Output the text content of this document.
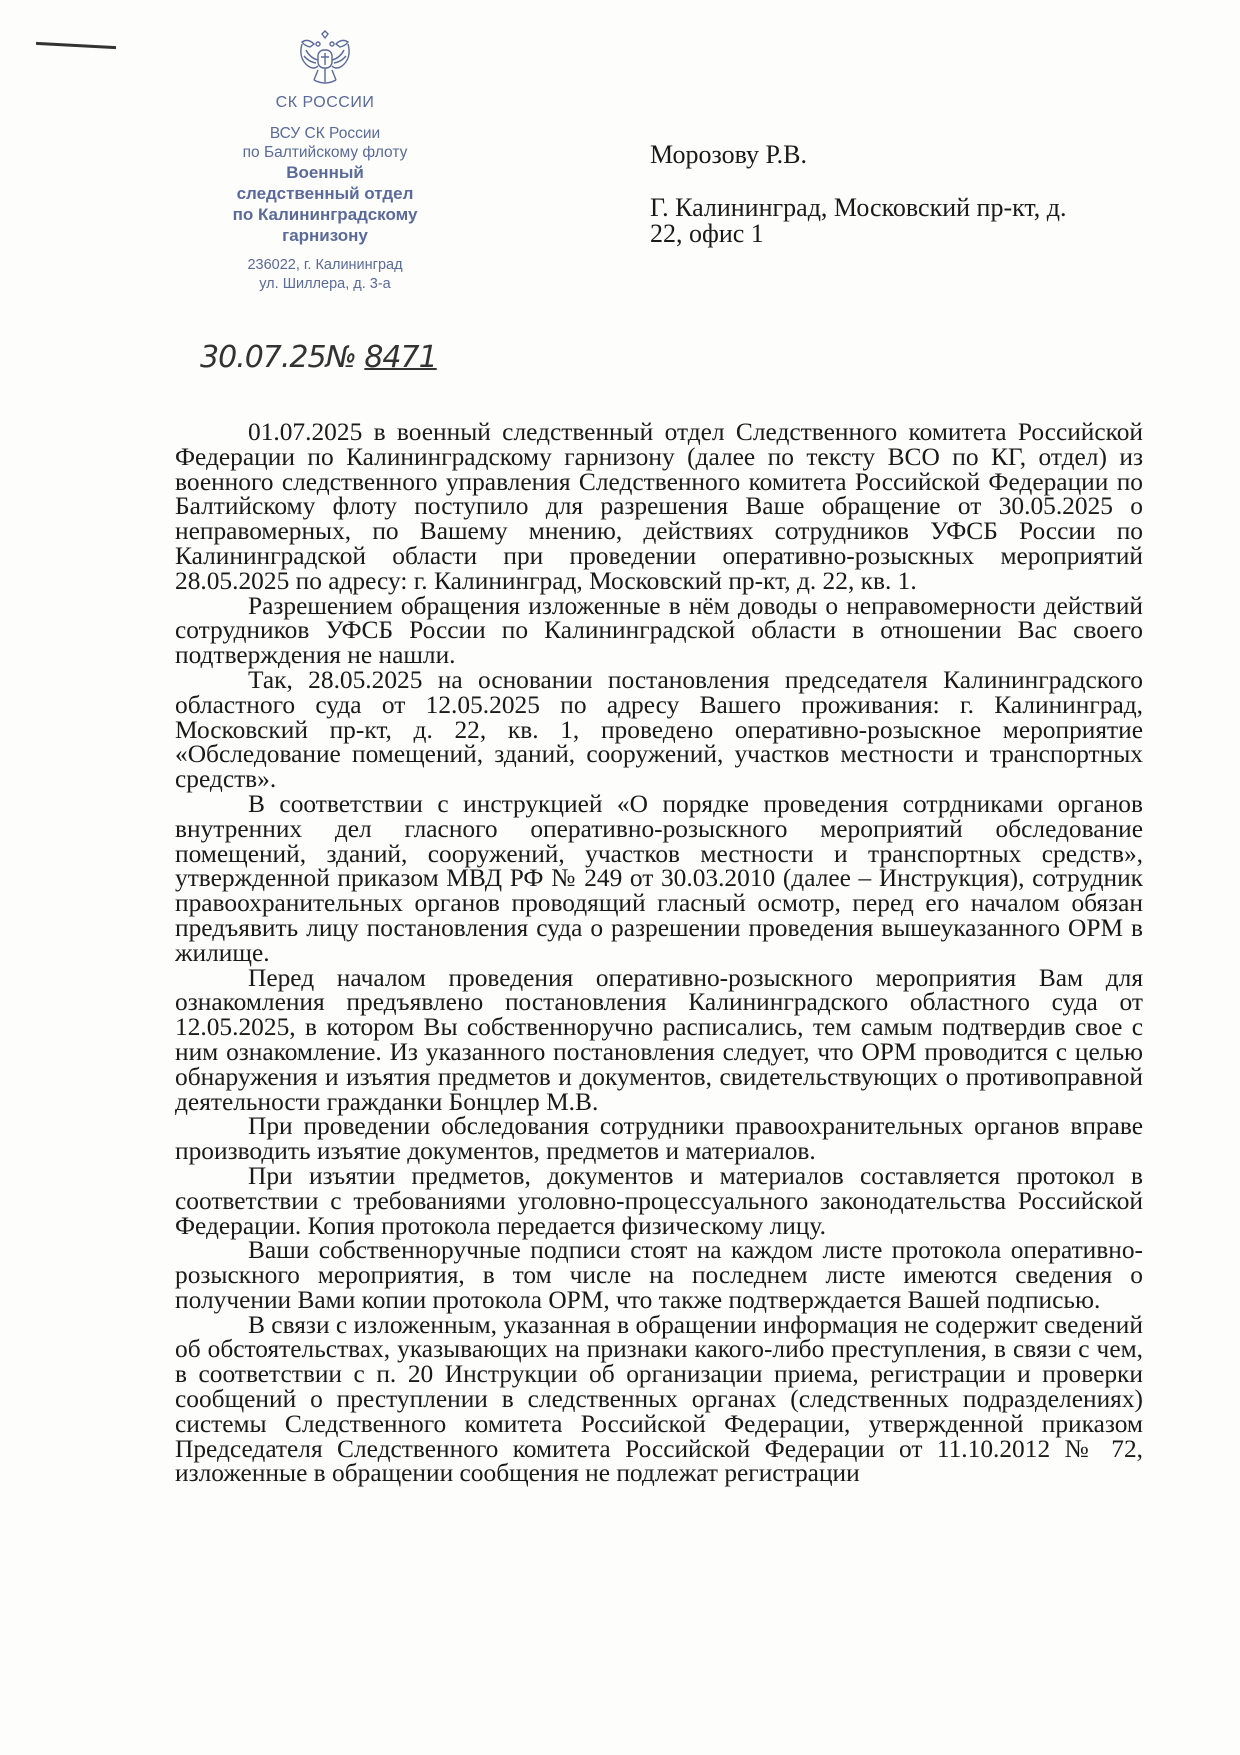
СК РОССИИ
ВСУ СК России
по Балтийскому флоту
Военный
следственный отдел
по Калининградскому
гарнизону
236022, г. Калининград
ул. Шиллера, д. 3-а
30.07.25№ 8471
Морозову Р.В.
Г. Калининград, Московский пр-кт, д.
22, офис 1

01.07.2025 в военный следственный отдел Следственного комитета Российской Федерации по Калининградскому гарнизону (далее по тексту ВСО по КГ, отдел) из военного следственного управления Следственного комитета Российской Федерации по Балтийскому флоту поступило для разрешения Ваше обращение от 30.05.2025 о неправомерных, по Вашему мнению, действиях сотрудников УФСБ России по Калининградской области при проведении оперативно-розыскных мероприятий 28.05.2025 по адресу: г. Калининград, Московский пр-кт, д. 22, кв. 1.

Разрешением обращения изложенные в нём доводы о неправомерности действий сотрудников УФСБ России по Калининградской области в отношении Вас своего подтверждения не нашли.

Так, 28.05.2025 на основании постановления председателя Калининградского областного суда от 12.05.2025 по адресу Вашего проживания: г. Калининград, Московский пр-кт, д. 22, кв. 1, проведено оперативно-розыскное мероприятие «Обследование помещений, зданий, сооружений, участков местности и транспортных средств».

В соответствии с инструкцией «О порядке проведения сотрдниками органов внутренних дел гласного оперативно-розыскного мероприятий обследование помещений, зданий, сооружений, участков местности и транспортных средств», утвержденной приказом МВД РФ № 249 от 30.03.2010 (далее – Инструкция), сотрудник правоохранительных органов проводящий гласный осмотр, перед его началом обязан предъявить лицу постановления суда о разрешении проведения вышеуказанного ОРМ в жилище.

Перед началом проведения оперативно-розыскного мероприятия Вам для ознакомления предъявлено постановления Калининградского областного суда от 12.05.2025, в котором Вы собственноручно расписались, тем самым подтвердив свое с ним ознакомление. Из указанного постановления следует, что ОРМ проводится с целью обнаружения и изъятия предметов и документов, свидетельствующих о противоправной деятельности гражданки Бонцлер М.В.

При проведении обследования сотрудники правоохранительных органов вправе производить изъятие документов, предметов и материалов.

При изъятии предметов, документов и материалов составляется протокол в соответствии с требованиями уголовно-процессуального законодательства Российской Федерации. Копия протокола передается физическому лицу.

Ваши собственноручные подписи стоят на каждом листе протокола оперативно-розыскного мероприятия, в том числе на последнем листе имеются сведения о получении Вами копии протокола ОРМ, что также подтверждается Вашей подписью.

В связи с изложенным, указанная в обращении информация не содержит сведений об обстоятельствах, указывающих на признаки какого-либо преступления, в связи с чем, в соответствии с п. 20 Инструкции об организации приема, регистрации и проверки сообщений о преступлении в следственных органах (следственных подразделениях) системы Следственного комитета Российской Федерации, утвержденной приказом Председателя Следственного комитета Российской Федерации от 11.10.2012 № 72, изложенные в обращении сообщения не подлежат регистрации
